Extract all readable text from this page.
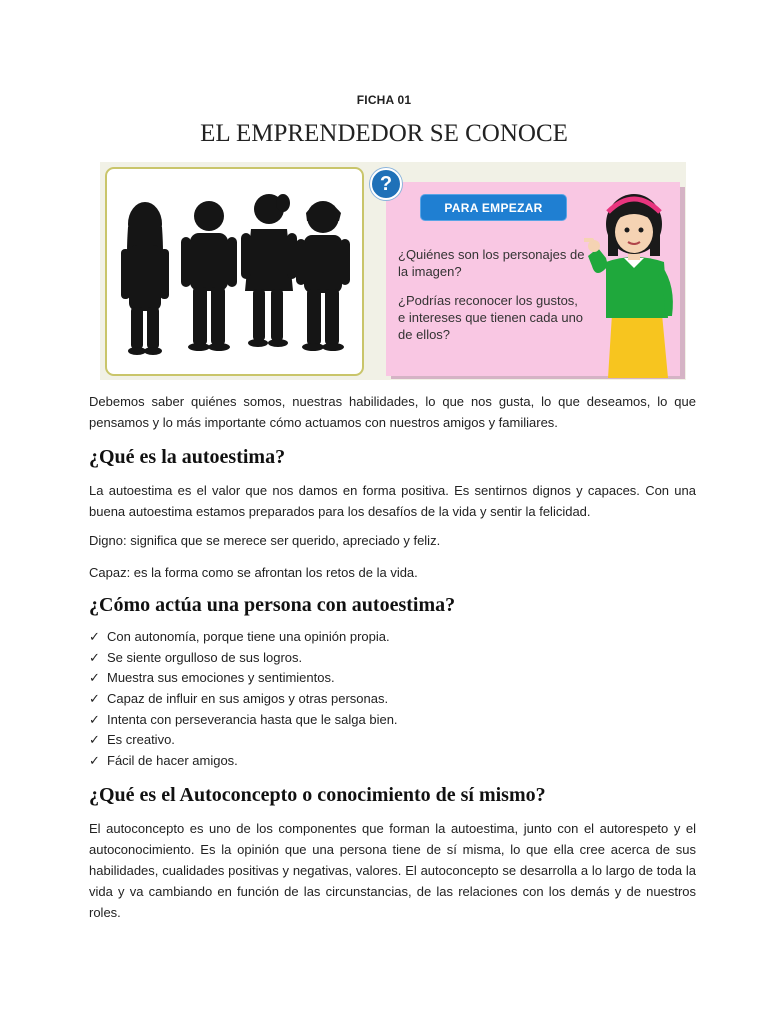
FICHA 01
EL EMPRENDEDOR SE CONOCE
?
PARA EMPEZAR
¿Quiénes son los personajes de la imagen?
¿Podrías reconocer los gustos, e intereses que tienen cada uno de ellos?

Debemos saber quiénes somos, nuestras habilidades, lo que nos gusta, lo que deseamos, lo que pensamos y lo más importante cómo actuamos con nuestros amigos y familiares.

¿Qué es la autoestima?

La autoestima es el valor que nos damos en forma positiva. Es sentirnos dignos y capaces. Con una buena autoestima estamos preparados para los desafíos de la vida y sentir la felicidad.

Digno: significa que se merece ser querido, apreciado y feliz.

Capaz: es la forma como se afrontan los retos de la vida.

¿Cómo actúa una persona con autoestima?
✓ Con autonomía, porque tiene una opinión propia.
✓ Se siente orgulloso de sus logros.
✓ Muestra sus emociones y sentimientos.
✓ Capaz de influir en sus amigos y otras personas.
✓ Intenta con perseverancia hasta que le salga bien.
✓ Es creativo.
✓ Fácil de hacer amigos.
¿Qué es el Autoconcepto o conocimiento de sí mismo?

El autoconcepto es uno de los componentes que forman la autoestima, junto con el autorespeto y el autoconocimiento. Es la opinión que una persona tiene de sí misma, lo que ella cree acerca de sus habilidades, cualidades positivas y negativas, valores. El autoconcepto se desarrolla a lo largo de toda la vida y va cambiando en función de las circunstancias, de las relaciones con los demás y de nuestros roles.
